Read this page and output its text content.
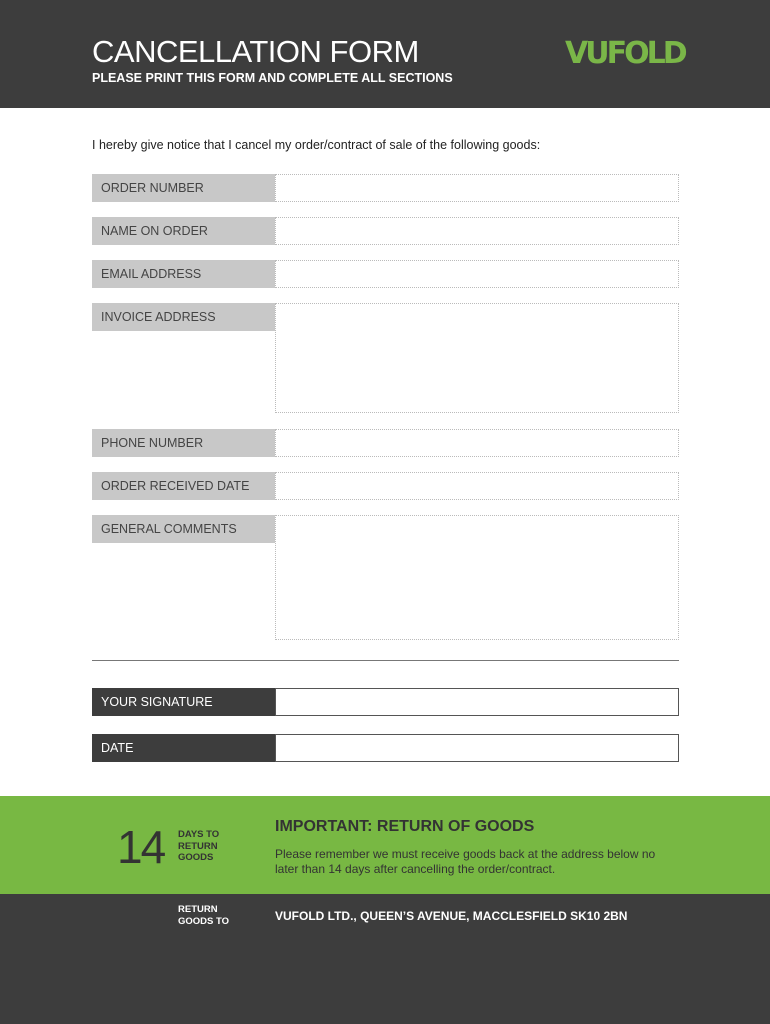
CANCELLATION FORM
PLEASE PRINT THIS FORM AND COMPLETE ALL SECTIONS
VUFOLD
I hereby give notice that I cancel my order/contract of sale of the following goods:
ORDER NUMBER
NAME ON ORDER
EMAIL ADDRESS
INVOICE ADDRESS
PHONE NUMBER
ORDER RECEIVED DATE
GENERAL COMMENTS
YOUR SIGNATURE
DATE
14 DAYS TO RETURN GOODS
IMPORTANT: RETURN OF GOODS
Please remember we must receive goods back at the address below no later than 14 days after cancelling the order/contract.
RETURN GOODS TO	VUFOLD LTD., QUEEN’S AVENUE, MACCLESFIELD SK10 2BN
